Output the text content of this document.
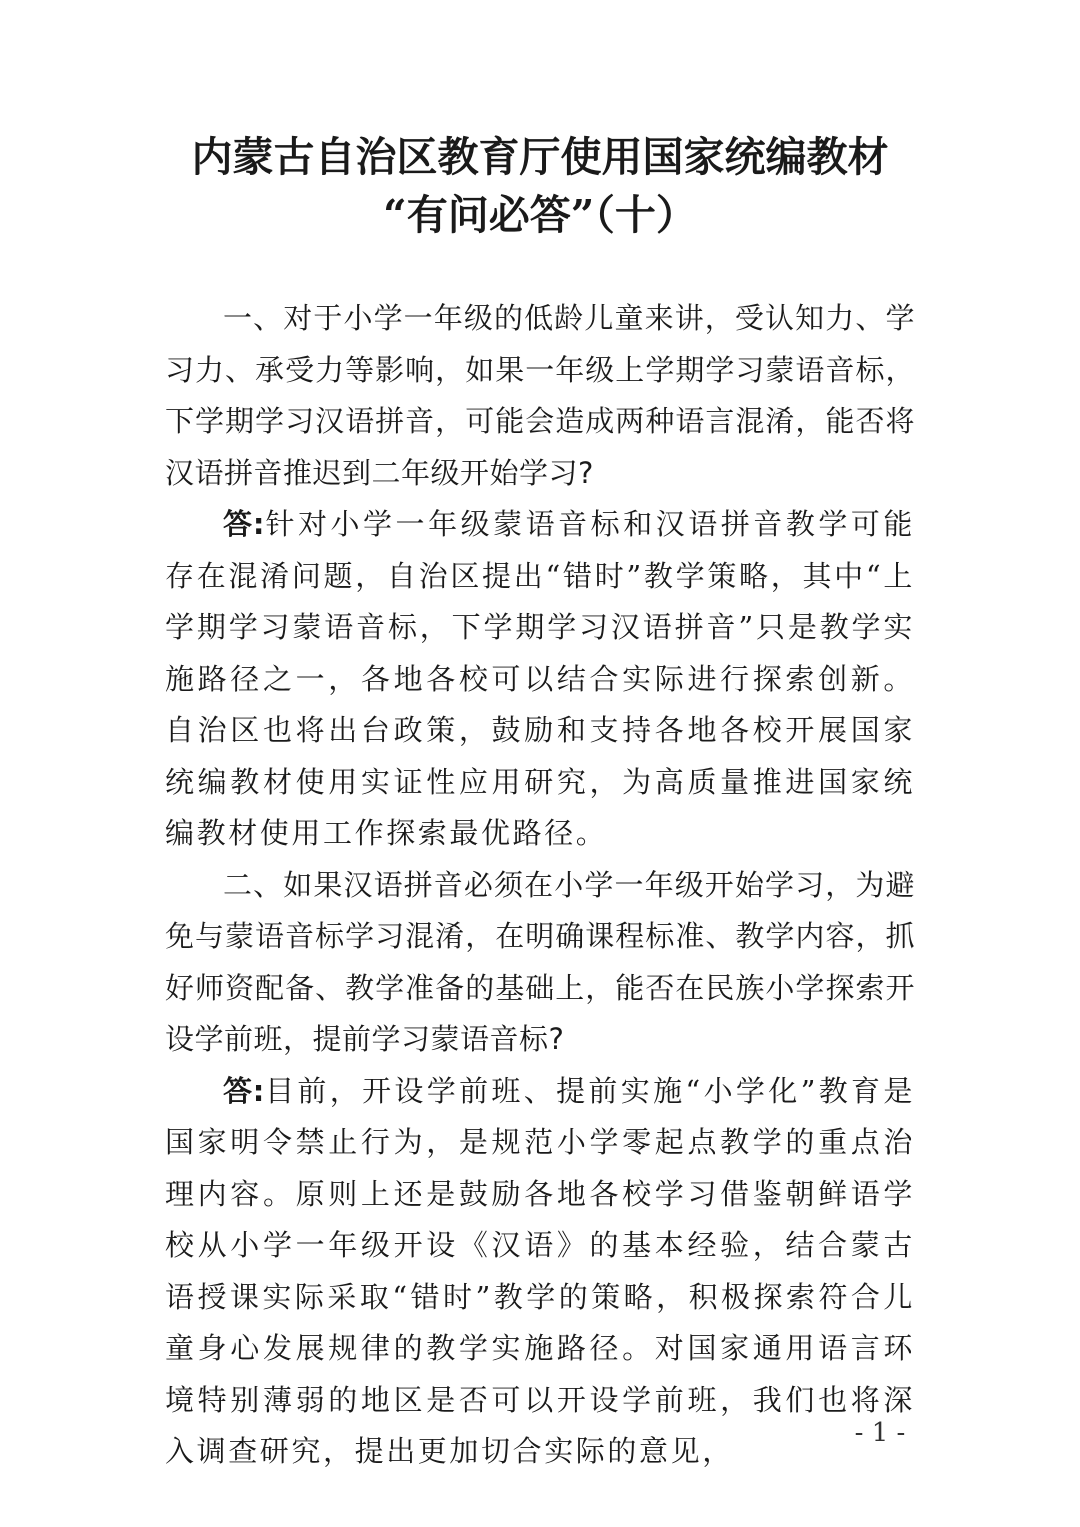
内蒙古自治区教育厅使用国家统编教材
“有问必答”（十）

一、对于小学一年级的低龄儿童来讲，受认知力、学习力、承受力等影响，如果一年级上学期学习蒙语音标，下学期学习汉语拼音，可能会造成两种语言混淆，能否将汉语拼音推迟到二年级开始学习?

答:针对小学一年级蒙语音标和汉语拼音教学可能存在混淆问题，自治区提出“错时”教学策略，其中“上学期学习蒙语音标，下学期学习汉语拼音”只是教学实施路径之一，各地各校可以结合实际进行探索创新。自治区也将出台政策，鼓励和支持各地各校开展国家统编教材使用实证性应用研究，为高质量推进国家统编教材使用工作探索最优路径。

二、如果汉语拼音必须在小学一年级开始学习，为避免与蒙语音标学习混淆，在明确课程标准、教学内容，抓好师资配备、教学准备的基础上，能否在民族小学探索开设学前班，提前学习蒙语音标?

答:目前，开设学前班、提前实施“小学化”教育是国家明令禁止行为，是规范小学零起点教学的重点治理内容。原则上还是鼓励各地各校学习借鉴朝鲜语学校从小学一年级开设《汉语》的基本经验，结合蒙古语授课实际采取“错时”教学的策略，积极探索符合儿童身心发展规律的教学实施路径。对国家通用语言环境特别薄弱的地区是否可以开设学前班，我们也将深入调查研究，提出更加切合实际的意见，

- 1 -
